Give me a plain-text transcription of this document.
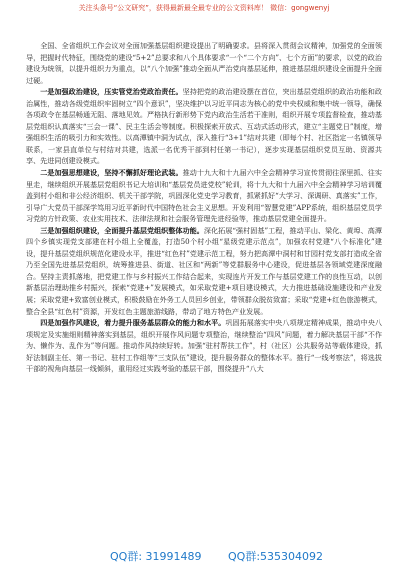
关注头条号“公文研究”，获得最新最全最专业的公文资料库！ 微信：gongwenyj

全国、全省组织工作会议对全面加强基层组织建设提出了明确要求。县将深入贯彻会议精神，加强党的全面领导，把握时代特征，围绕党的建设“5+2”总要求和八个具体要求“一个“二个方向”、七个方面”的要求，以党的政治建设为统领，以提升组织力为重点，以“八个加强”推动全面从严治党向基层延伸，推进基层组织建设全面提升全面过硬。

一是加强政治建设，压实管党治党政治责任。坚持把党的政治建设摆在首位，突出基层党组织的政治功能和政治属性，推动各级党组织牢固树立“四个意识”，坚决维护以习近平同志为核心的党中央权威和集中统一领导，确保各项政令在基层畅通无阻、落地见效。严格执行新形势下党内政治生活若干准则，组织开展专项监督检查，推动基层党组织认真落实“三会一课”、民主生活会等制度。积极探索开放式、互动式活动形式，建立“主题党日”制度，增强组织生活的吸引力和实效性。以高潭镇中洞为试点，深入推行“3+1”结对共建（即每个村、社区指定一名镇领导联系，一家县直单位与村结对共建，选派一名优秀干部到村任第一书记），逐步实现基层组织党员互助、资源共享、先进同创建设模式。

二是加强思想建设，坚持不懈抓好理论武装。推动十九大和十九届六中全会精神学习宣传贯彻往深里抓、往实里走，继续组织开展基层党组织书记大培训和“基层党员进党校”轮训，将十九大和十九届六中全会精神学习培训覆盖到村小组和非公经济组织、机关干部学院，巩固深化党史学习教育，抓紧抓好“大学习、深调研、真落实”工作，引导广大党员干部深学笃用习近平新时代中国特色社会主义思想。开发利用“智慧党建”APP系统，组织基层党员学习党的方针政策、农业实用技术、法律法规和社会服务管理先进经验等，推动基层党建全面提升。

三是加强组织建设，全面提升基层党组织整体功能。深化拓展“强村固基”工程，推动平山、梁化、黄埠、高潭四个乡镇实现党支部建在村小组上全覆盖，打造50个村小组“星级党建示范点”，加强农村党建“八个标准化”建设，提升基层党组织规范化建设水平，推进“红色村”党建示范工程，努力把高潭中洞村和甘园村党支部打造成全省乃至全国先进基层党组织，统筹推进县、街道、社区和“两新”等党群服务中心建设，促进基层各领域党建深度融合。坚持主责抓落地，把党建工作与乡村振兴工作结合起来，实现连片开发工作与基层党建工作的良性互动，以创新基层治理助推乡村振兴，探索“党建+”发展模式，如采取党建+项目建设模式，大力推进基础设施建设和产业发展；采取党建+致富创业模式，积极鼓励在外务工人员回乡创业，带领群众脱贫致富；采取“党建+红色旅游模式，整合全县“红色村”资源，开发红色主题旅游线路，带动了地方特色产业发展。

四是加强作风建设，着力提升服务基层群众的能力和水平。巩固拓展落实中央八项规定精神成果，推动中央八项规定及实施细则精神落实到基层，组织开展作风问题专项整治，继续整治“四风”问题，着力解决基层干部“不作为、懒作为、乱作为”等问题。推动作风持续好转。加强“驻村帮扶工作”，村（社区）公共服务站等载体建设，抓好法制副主任、第一书记、驻村工作组等“三支队伍”建设，提升服务群众的整体水平。推行“一线考察法”，将选拔干部的视角向基层一线倾斜，重用经过实践考验的基层干部，围绕提升“八大

QQ群: 31991489 QQ群:535304092
